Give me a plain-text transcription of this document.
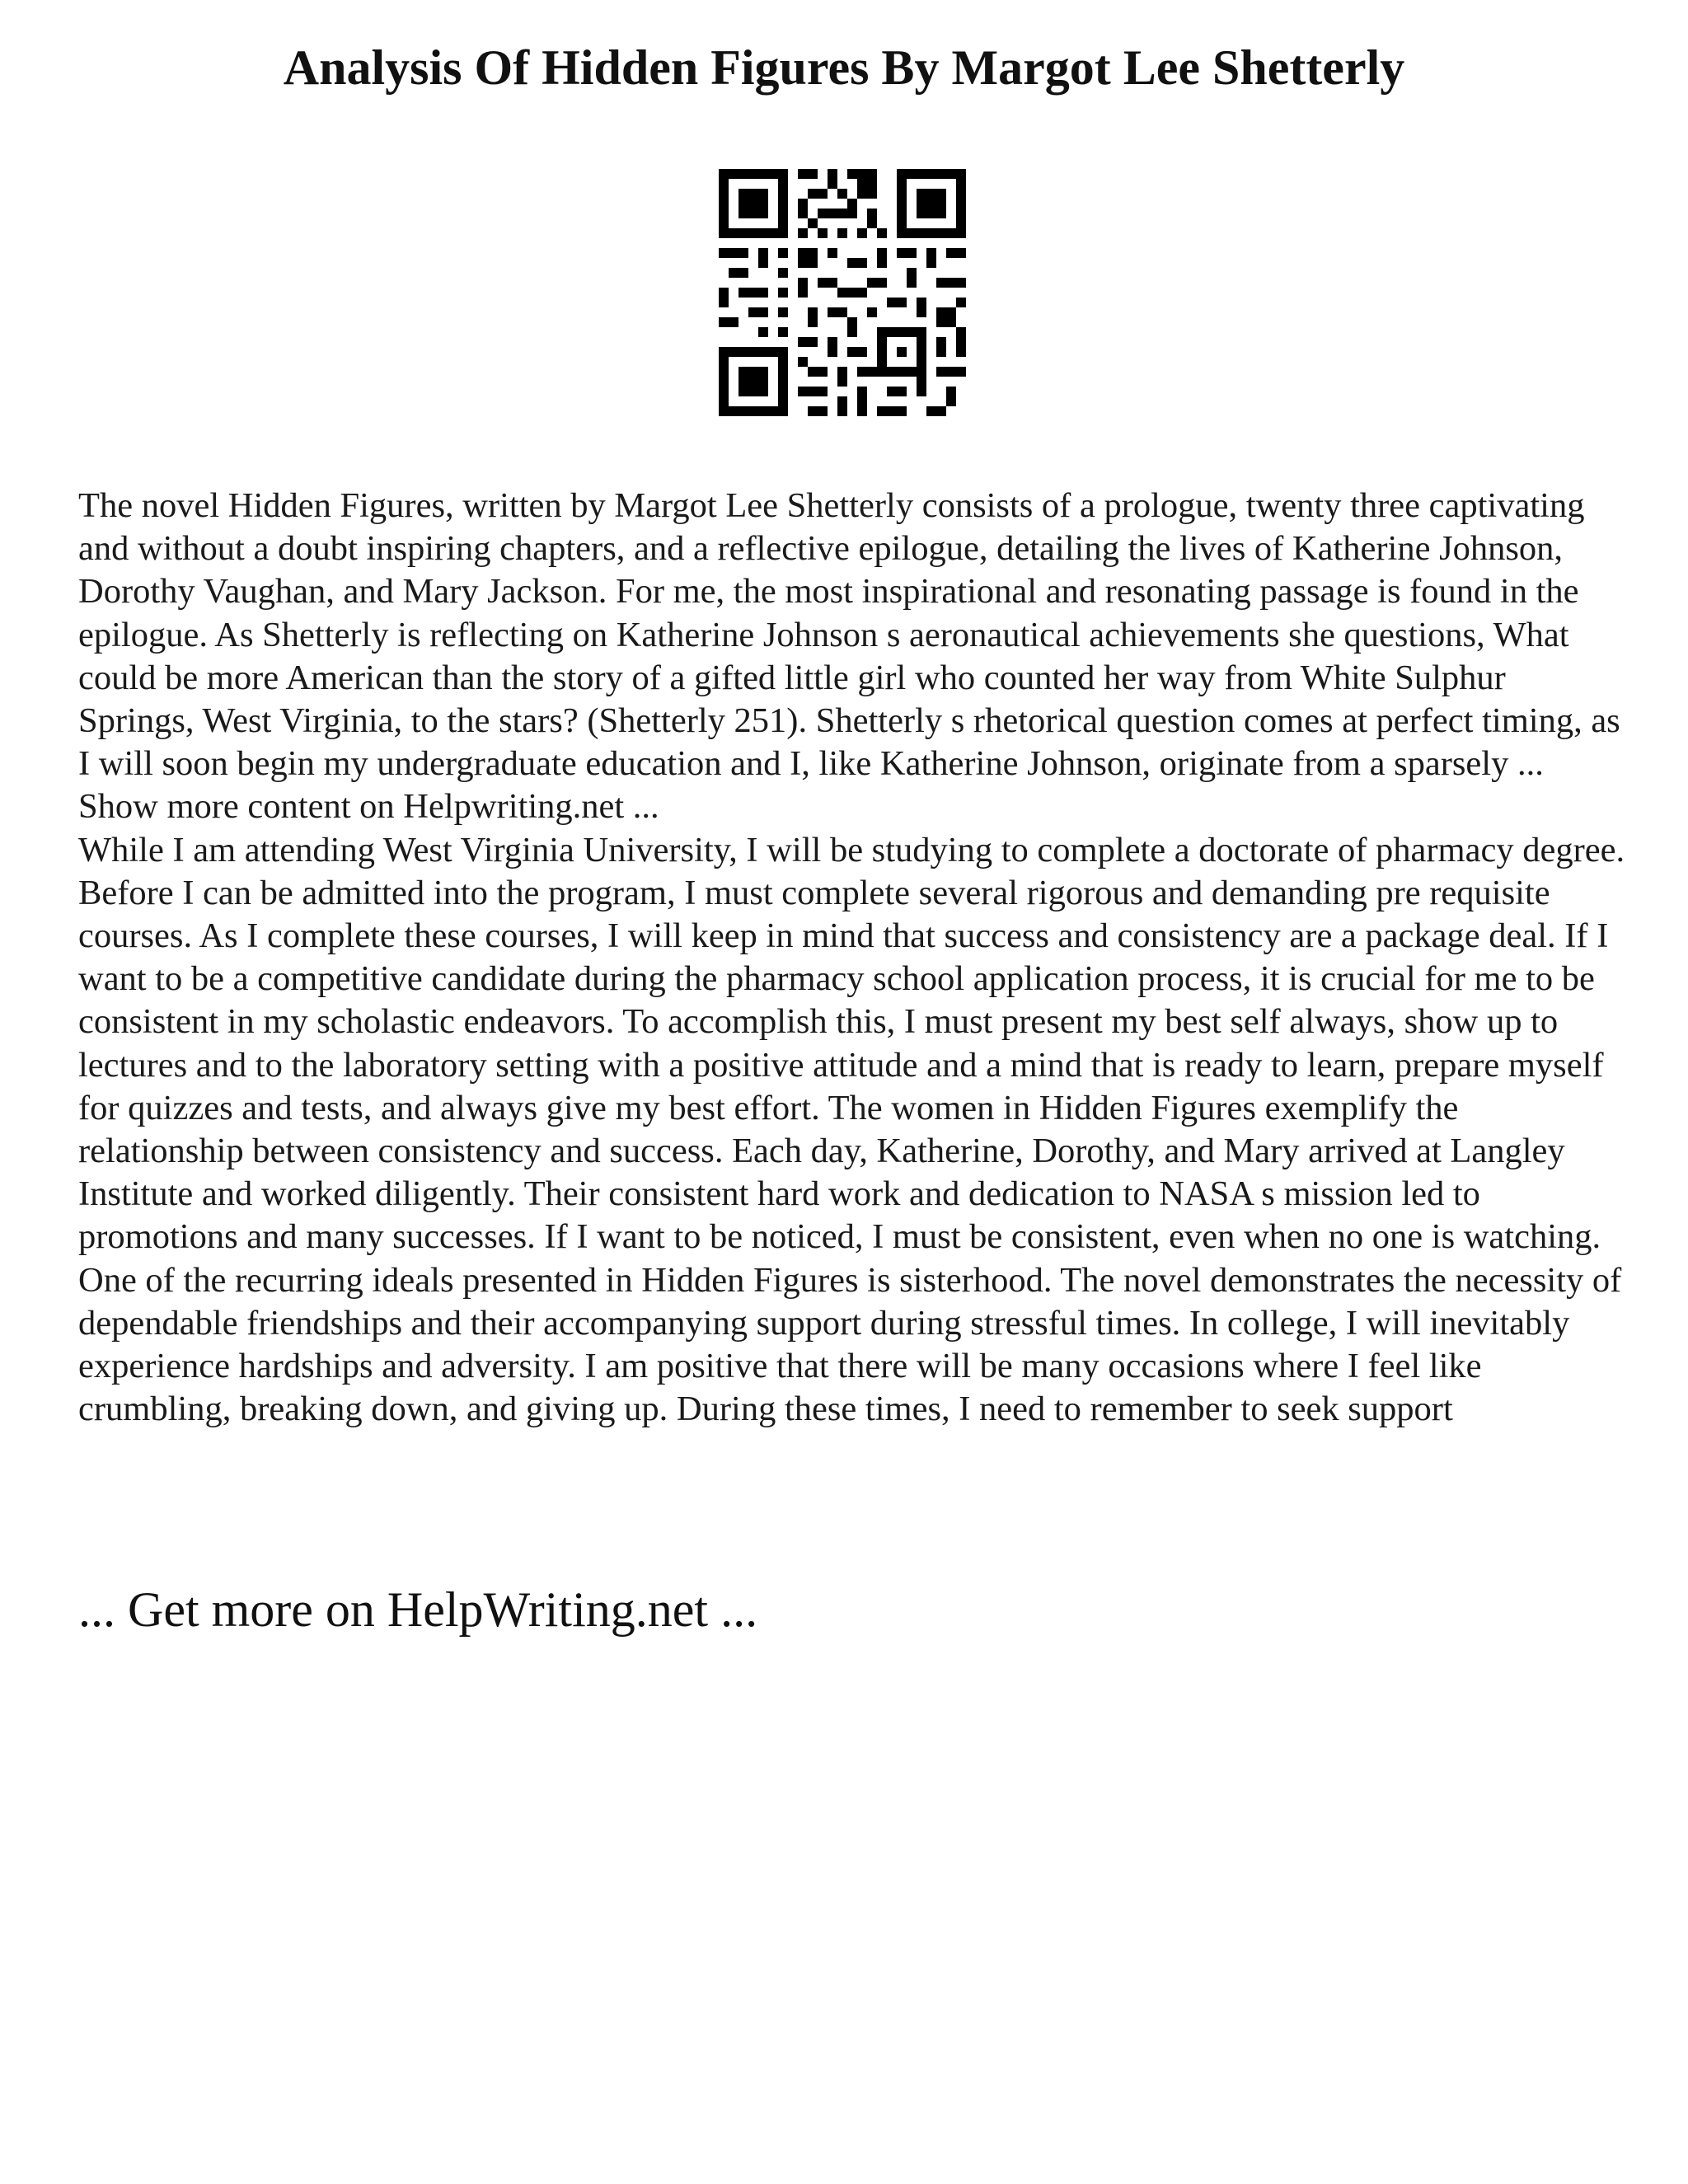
Analysis Of Hidden Figures By Margot Lee Shetterly

The novel Hidden Figures, written by Margot Lee Shetterly consists of a prologue, twenty three captivating and without a doubt inspiring chapters, and a reflective epilogue, detailing the lives of Katherine Johnson, Dorothy Vaughan, and Mary Jackson. For me, the most inspirational and resonating passage is found in the epilogue. As Shetterly is reflecting on Katherine Johnson s aeronautical achievements she questions, What could be more American than the story of a gifted little girl who counted her way from White Sulphur Springs, West Virginia, to the stars? (Shetterly 251). Shetterly s rhetorical question comes at perfect timing, as I will soon begin my undergraduate education and I, like Katherine Johnson, originate from a sparsely ... Show more content on Helpwriting.net ...

While I am attending West Virginia University, I will be studying to complete a doctorate of pharmacy degree. Before I can be admitted into the program, I must complete several rigorous and demanding pre requisite courses. As I complete these courses, I will keep in mind that success and consistency are a package deal. If I want to be a competitive candidate during the pharmacy school application process, it is crucial for me to be consistent in my scholastic endeavors. To accomplish this, I must present my best self always, show up to lectures and to the laboratory setting with a positive attitude and a mind that is ready to learn, prepare myself for quizzes and tests, and always give my best effort. The women in Hidden Figures exemplify the relationship between consistency and success. Each day, Katherine, Dorothy, and Mary arrived at Langley Institute and worked diligently. Their consistent hard work and dedication to NASA s mission led to promotions and many successes. If I want to be noticed, I must be consistent, even when no one is watching. One of the recurring ideals presented in Hidden Figures is sisterhood. The novel demonstrates the necessity of dependable friendships and their accompanying support during stressful times. In college, I will inevitably experience hardships and adversity. I am positive that there will be many occasions where I feel like crumbling, breaking down, and giving up. During these times, I need to remember to seek support

... Get more on HelpWriting.net ...
